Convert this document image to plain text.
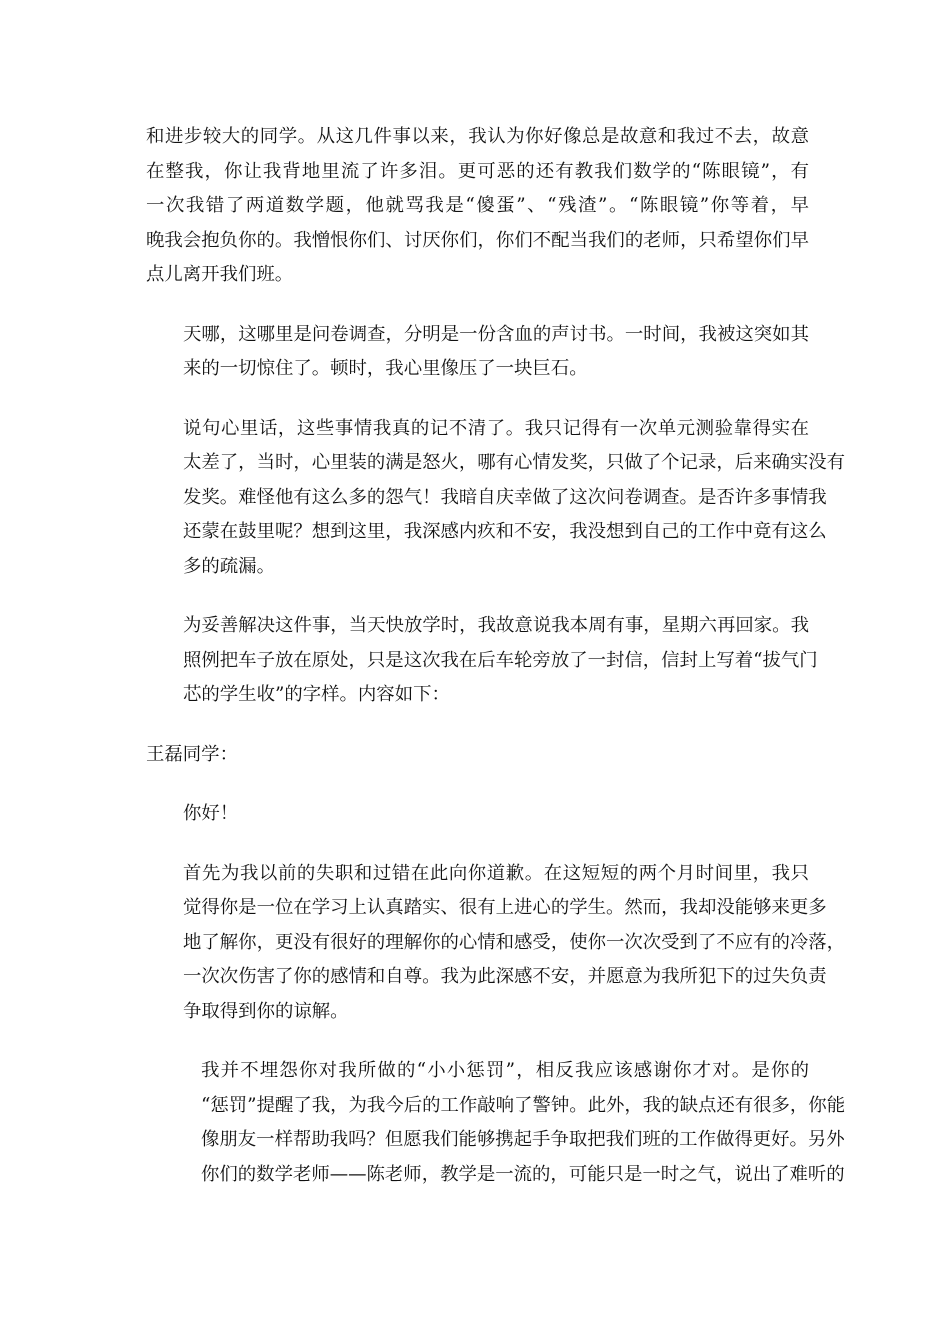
和进步较大的同学。从这几件事以来，我认为你好像总是故意和我过不去，故意
在整我，你让我背地里流了许多泪。更可恶的还有教我们数学的“陈眼镜”，有
一次我错了两道数学题，他就骂我是“傻蛋”、“残渣”。“陈眼镜”你等着，早
晚我会抱负你的。我憎恨你们、讨厌你们，你们不配当我们的老师，只希望你们早
点儿离开我们班。
天哪，这哪里是问卷调查，分明是一份含血的声讨书。一时间，我被这突如其
来的一切惊住了。顿时，我心里像压了一块巨石。
说句心里话，这些事情我真的记不清了。我只记得有一次单元测验靠得实在
太差了，当时，心里装的满是怒火，哪有心情发奖，只做了个记录，后来确实没有
发奖。难怪他有这么多的怨气！我暗自庆幸做了这次问卷调查。是否许多事情我
还蒙在鼓里呢？想到这里，我深感内疚和不安，我没想到自己的工作中竟有这么
多的疏漏。
为妥善解决这件事，当天快放学时，我故意说我本周有事，星期六再回家。我
照例把车子放在原处，只是这次我在后车轮旁放了一封信，信封上写着“拔气门
芯的学生收”的字样。内容如下：
王磊同学：
你好！
首先为我以前的失职和过错在此向你道歉。在这短短的两个月时间里，我只
觉得你是一位在学习上认真踏实、很有上进心的学生。然而，我却没能够来更多
地了解你，更没有很好的理解你的心情和感受，使你一次次受到了不应有的冷落，
一次次伤害了你的感情和自尊。我为此深感不安，并愿意为我所犯下的过失负责
争取得到你的谅解。
我并不埋怨你对我所做的“小小惩罚”，相反我应该感谢你才对。是你的
“惩罚”提醒了我，为我今后的工作敲响了警钟。此外，我的缺点还有很多，你能
像朋友一样帮助我吗？但愿我们能够携起手争取把我们班的工作做得更好。另外
你们的数学老师——陈老师，教学是一流的，可能只是一时之气，说出了难听的
